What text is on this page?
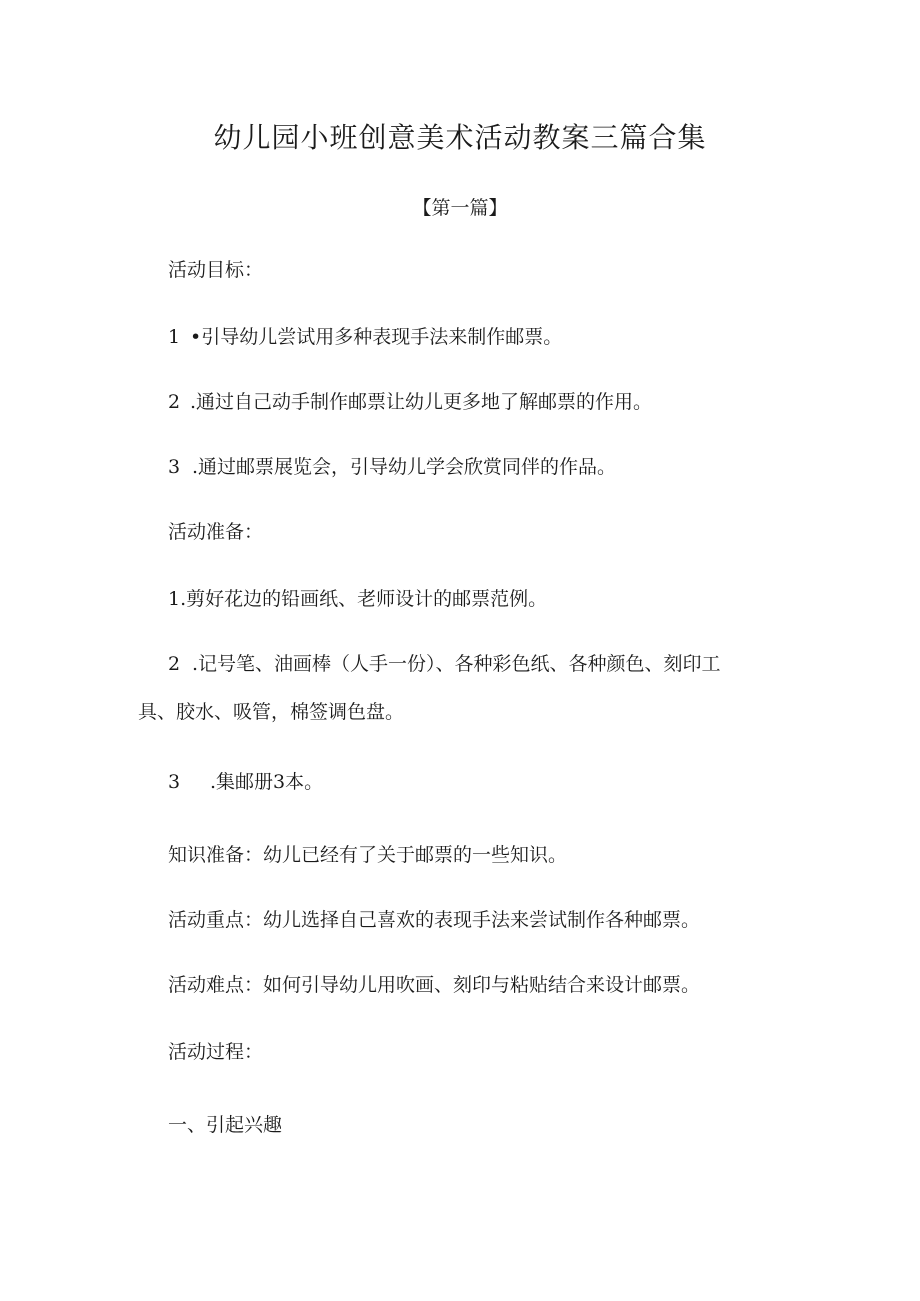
幼儿园小班创意美术活动教案三篇合集
【第一篇】
活动目标：
1 •引导幼儿尝试用多种表现手法来制作邮票。
2 .通过自己动手制作邮票让幼儿更多地了解邮票的作用。
3 .通过邮票展览会，引导幼儿学会欣赏同伴的作品。
活动准备：
1.剪好花边的铅画纸、老师设计的邮票范例。
2 .记号笔、油画棒（人手一份）、各种彩色纸、各种颜色、刻印工
具、胶水、吸管，棉签调色盘。
3 .集邮册3本。
知识准备：幼儿已经有了关于邮票的一些知识。
活动重点：幼儿选择自己喜欢的表现手法来尝试制作各种邮票。
活动难点：如何引导幼儿用吹画、刻印与粘贴结合来设计邮票。
活动过程：
一、引起兴趣
